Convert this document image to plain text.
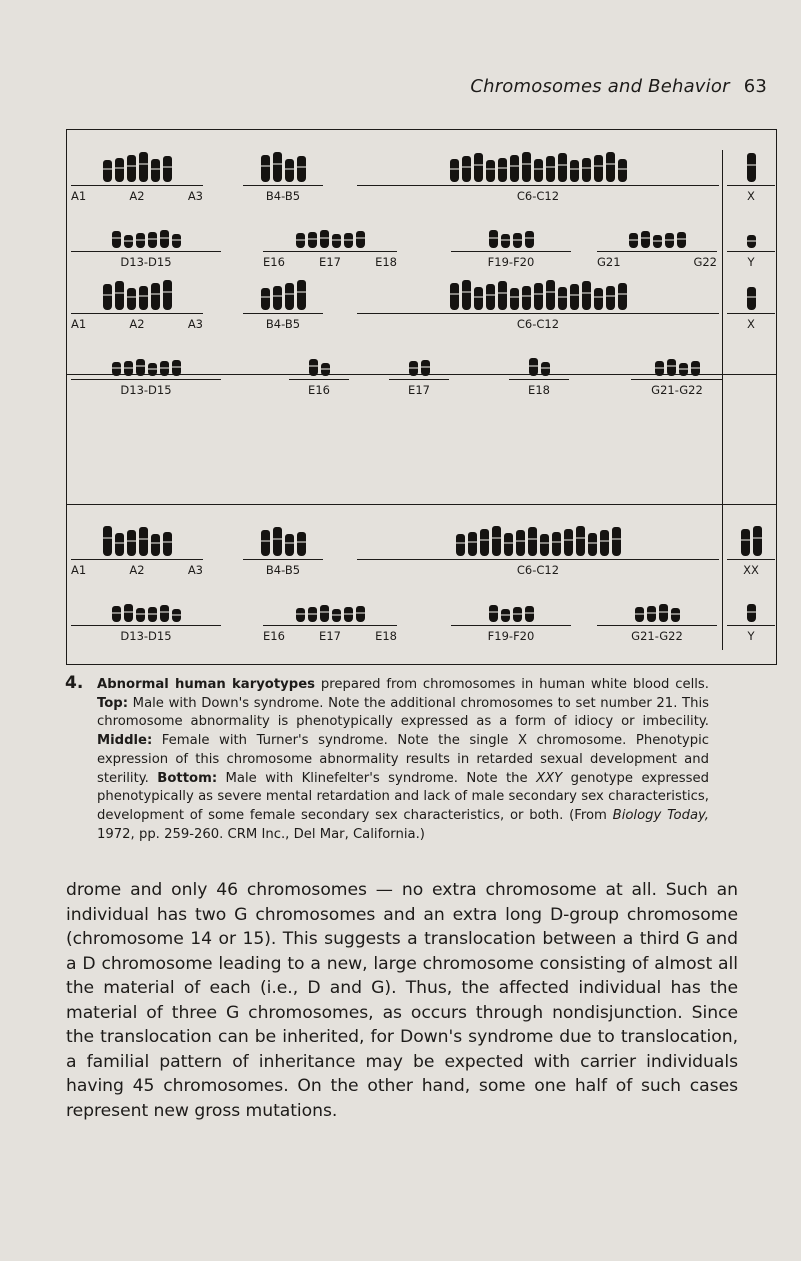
Chromosomes and Behavior 63
A1	A2	A3	B4-B5	C6-C12	X
D13-D15	E16	E17	E18	F19-F20	G21	G22	Y
A1	A2	A3	B4-B5	C6-C12	X
D13-D15	E16	E17	E18	G21-G22
A1	A2	A3	B4-B5	C6-C12	XX
D13-D15	E16	E17	E18	F19-F20	G21-G22	Y
4. Abnormal human karyotypes prepared from chromosomes in human white blood cells. Top: Male with Down's syndrome. Note the additional chromosomes to set number 21. This chromosome abnormality is phenotypically expressed as a form of idiocy or imbecility. Middle: Female with Turner's syndrome. Note the single X chromosome. Phenotypic expression of this chromosome abnormality results in retarded sexual development and sterility. Bottom: Male with Klinefelter's syndrome. Note the XXY genotype expressed phenotypically as severe mental retardation and lack of male secondary sex characteristics, development of some female secondary sex characteristics, or both. (From Biology Today, 1972, pp. 259-260. CRM Inc., Del Mar, California.)

drome and only 46 chromosomes — no extra chromosome at all. Such an individual has two G chromosomes and an extra long D-group chromosome (chromosome 14 or 15). This suggests a translocation between a third G and a D chromosome leading to a new, large chromosome consisting of almost all the material of each (i.e., D and G). Thus, the affected individual has the material of three G chromosomes, as occurs through nondisjunction. Since the translocation can be inherited, for Down's syndrome due to translocation, a familial pattern of inheritance may be expected with carrier individuals having 45 chromosomes. On the other hand, some one half of such cases represent new gross mutations.
